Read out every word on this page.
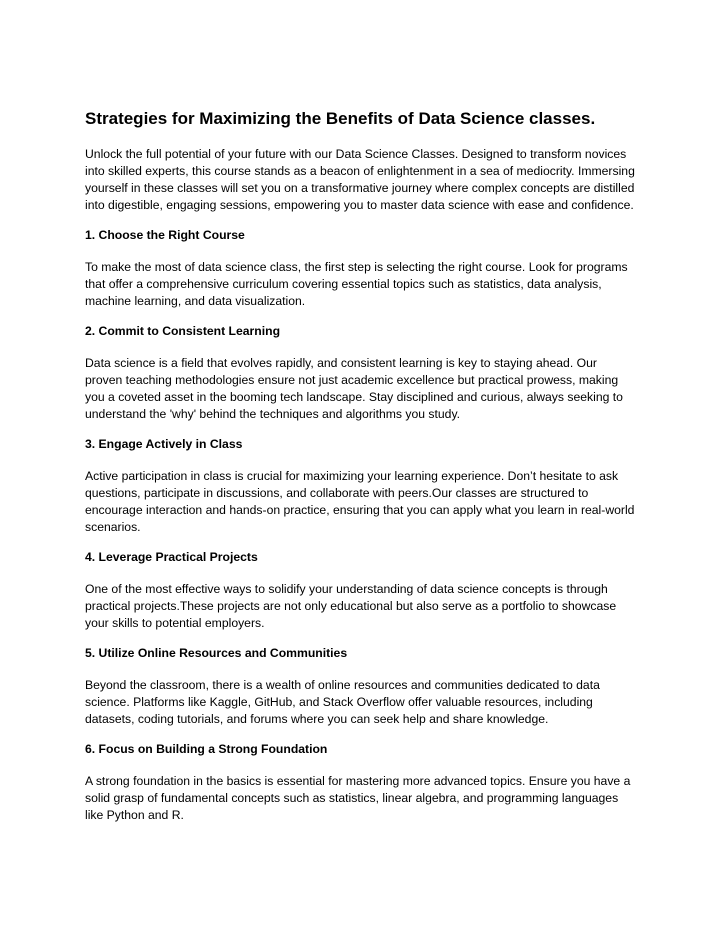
Strategies for Maximizing the Benefits of Data Science classes.

Unlock the full potential of your future with our Data Science Classes. Designed to transform novices into skilled experts, this course stands as a beacon of enlightenment in a sea of mediocrity. Immersing yourself in these classes will set you on a transformative journey where complex concepts are distilled into digestible, engaging sessions, empowering you to master data science with ease and confidence.

1. Choose the Right Course

To make the most of data science class, the first step is selecting the right course. Look for programs that offer a comprehensive curriculum covering essential topics such as statistics, data analysis, machine learning, and data visualization.

2. Commit to Consistent Learning

Data science is a field that evolves rapidly, and consistent learning is key to staying ahead. Our proven teaching methodologies ensure not just academic excellence but practical prowess, making you a coveted asset in the booming tech landscape. Stay disciplined and curious, always seeking to understand the 'why' behind the techniques and algorithms you study.

3. Engage Actively in Class

Active participation in class is crucial for maximizing your learning experience. Don’t hesitate to ask questions, participate in discussions, and collaborate with peers.Our classes are structured to encourage interaction and hands-on practice, ensuring that you can apply what you learn in real-world scenarios.

4. Leverage Practical Projects

One of the most effective ways to solidify your understanding of data science concepts is through practical projects.These projects are not only educational but also serve as a portfolio to showcase your skills to potential employers.

5. Utilize Online Resources and Communities

Beyond the classroom, there is a wealth of online resources and communities dedicated to data science. Platforms like Kaggle, GitHub, and Stack Overflow offer valuable resources, including datasets, coding tutorials, and forums where you can seek help and share knowledge.

6. Focus on Building a Strong Foundation

A strong foundation in the basics is essential for mastering more advanced topics. Ensure you have a solid grasp of fundamental concepts such as statistics, linear algebra, and programming languages like Python and R.
